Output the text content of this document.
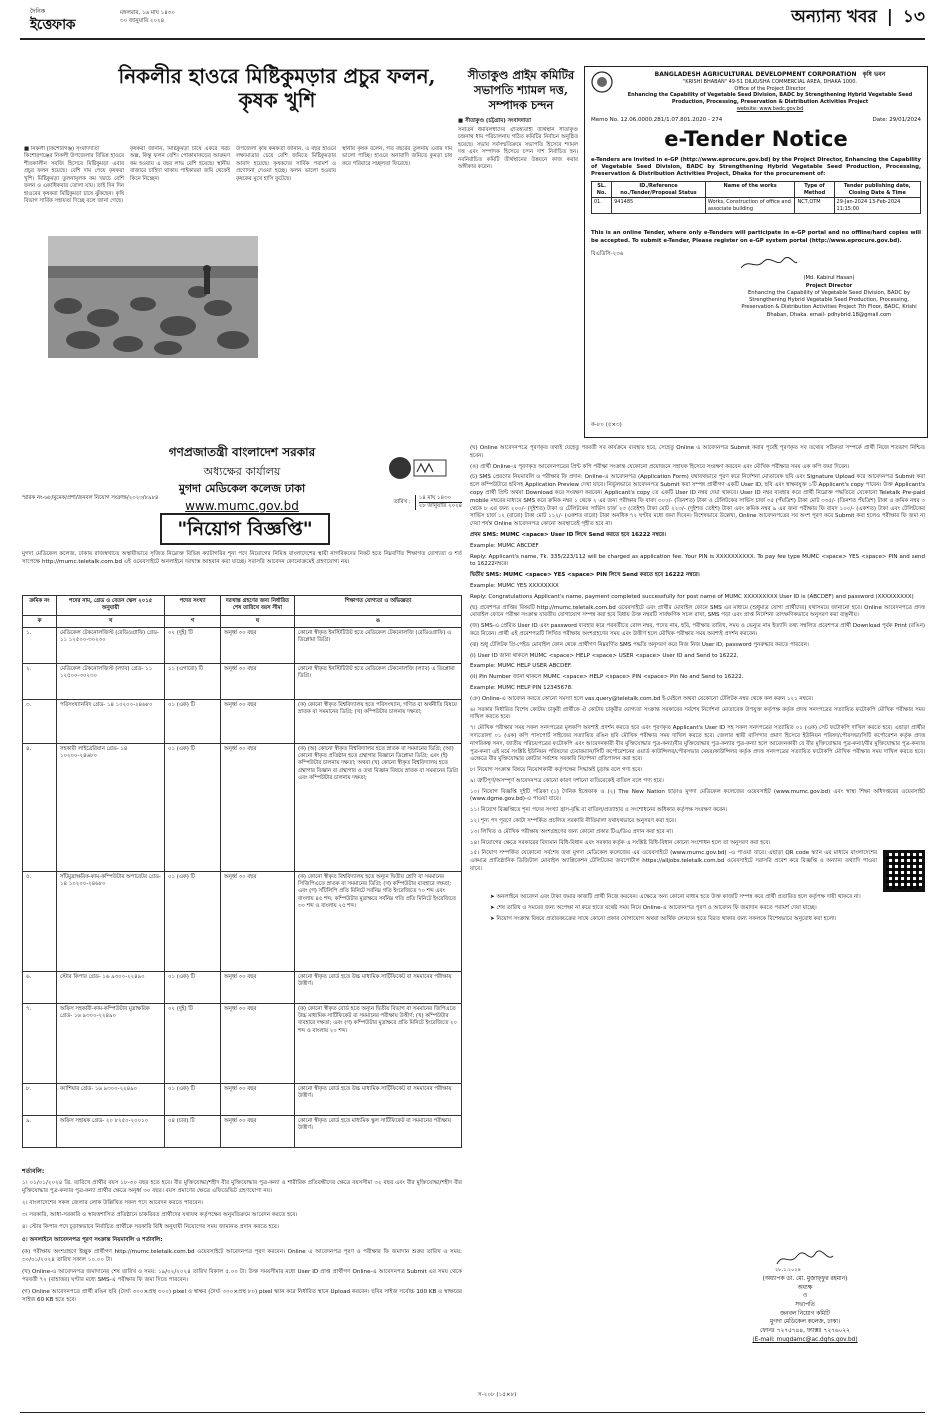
দৈনিক
ইত্তেফাক
মঙ্গলবার, ১৬ মাঘ ১৪৩০
৩০ জানুয়ারি ২০২৪	অন্যান্য খবর | ১৩
নিকলীর হাওরে মিষ্টিকুমড়ার প্রচুর ফলন, কৃষক খুশি
■ নিকলী (কিশোরগঞ্জ) সংবাদদাতা
কিশোরগঞ্জের নিকলী উপজেলার বিভিন্ন হাওরে শীতকালীন সবজি হিসেবে মিষ্টিকুমড়া এবার প্রচুর ফলন হয়েছে। বেশি দাম পেয়ে কৃষকরা খুশি। মিষ্টিকুমড়া তুলনামূলক কম খরচে বেশি ফলন ও একাধিকবার তোলা যায়। তাই দিন দিন হাওরের কৃষকরা মিষ্টিকুমড়া চাষে ঝুঁকছেন। কৃষি বিভাগ সার্বিক সহায়তা দিচ্ছে বলে জানা গেছে।
কৃষকরা জানান, মিষ্টিকুমড়া চাষে একরে খরচ অল্প, কিন্তু ফলন বেশি। পোকামাকড়ের আক্রমণ কম হওয়ায় এ বছর লাভ বেশি হয়েছে। স্থানীয় বাজারে চাহিদা থাকায় পাইকাররা জমি থেকেই কিনে নিচ্ছেন।
উপজেলা কৃষি কর্মকর্তা জানান, এ বছর হাওরে লক্ষ্যমাত্রার চেয়ে বেশি জমিতে মিষ্টিকুমড়ার আবাদ হয়েছে। কৃষকদের সার্বিক পরামর্শ ও প্রণোদনা দেওয়া হচ্ছে। ফলন ভালো হওয়ায় কৃষকের মুখে হাসি ফুটেছে।
স্থানীয় কৃষক বলেন, গত বছরের তুলনায় এবার দাম ভালো পাচ্ছি। হাওরে অনাবাদি জমিতে কুমড়া চাষ করে পরিবারে সচ্ছলতা ফিরেছে।
সীতাকুণ্ড প্রাইম কমিটির সভাপতি শ্যামল দত্ত, সম্পাদক চন্দন
■ সীতাকুণ্ড (চট্টগ্রাম) সংবাদদাতা
সনাতন ধর্মাবলম্বীদের ঐতিহ্যবাহী তীর্থস্থান সীতাকুণ্ড চন্দ্রনাথ ধাম পরিচালনায় গঠিত কমিটির নির্বাচন অনুষ্ঠিত হয়েছে। সভায় সর্বসম্মতিক্রমে সভাপতি হিসেবে শ্যামল দত্ত এবং সম্পাদক হিসেবে চন্দন দাশ নির্বাচিত হন। নবনির্বাচিত কমিটি তীর্থস্থানের উন্নয়নে কাজ করার অঙ্গীকার করেন।
BANGLADESH AGRICULTURAL DEVELOPMENT CORPORATION কৃষি ভবন
"KRISHI BHABAN" 49-51 DILKUSHA COMMERCIAL AREA, DHAKA 1000.
Office of the Project Director
Enhancing the Capability of Vegetable Seed Division, BADC by Strengthening Hybrid Vegetable Seed Production, Processing, Preservation & Distribution Activities Project
website: www.badc.gov.bd
Memo No. 12.06.0000.281/1.07.801.2020 - 274	Date: 29/01/2024
e-Tender Notice
e-Tenders are invited in e-GP (http://www.eprocure.gov.bd) by the Project Director, Enhancing the Capability of Vegetable Seed Division, BADC by Strengthening Hybrid Vegetable Seed Production, Processing, Preservation & Distribution Activities Project, Dhaka for the procurement of:
SL. No.	ID./Reference no./Tender/Proposal Status	Name of the works	Type of Method	Tender publishing date, Closing Date & Time
01.	941485	Works, Construction of office and associate building	NCT,OTM	29-Jan-2024 13-Feb-2024 11:15:00
This is an online Tender, where only e-Tenders will participate in e-GP portal and no offline/hard copies will be accepted. To submit e-Tender, Please register on e-GP system portal (http://www.eprocure.gov.bd).
বিএডিসি-২৩৬
(Md. Kabirul Hasan)
Project Director
Enhancing the Capability of Vegetable Seed Division, BADC by Strengthening Hybrid Vegetable Seed Production, Processing, Preservation & Distribution Activities Project 7th Floor, BADC, Krishi Bhaban, Dhaka. email- pdhybrid.18@gmail.com
ক-৮০ (৫×৩)
গণপ্রজাতন্ত্রী বাংলাদেশ সরকার
অধ্যক্ষের কার্যালয়
মুগদা মেডিকেল কলেজ ঢাকা
www.mumc.gov.bd
স্মারক নং-৬৮/মুমেক/প্রশা/জনবল নিয়োগ সংক্রান্ত/২০২৩/৮৯৮৪
তারিখ :
১৪ মাঘ ১৪৩০
২৮ জানুয়ারি ২০২৪
"নিয়োগ বিজ্ঞপ্তি"
মুগদা মেডিকেল কলেজ, ঢাকায় রাজস্বখাতে অস্থায়ীভাবে সৃজিত নিম্নোক্ত বিভিন্ন ক্যাটাগরির শূন্য পদে নিয়োগের নিমিত্ত বাংলাদেশের স্থায়ী নাগরিকদের নিকট হতে নিম্নবর্ণিত শিক্ষাগত যোগ্যতা ও শর্ত সাপেক্ষে http://mumc.teletalk.com.bd এই ওয়েবসাইটে অনলাইনে দরখাস্ত আহবান করা যাচ্ছে। সরাসরি আবেদন কোনোক্রমেই গ্রহণযোগ্য নয়।
ক্রমিক নং	পদের নাম, গ্রেড ও বেতন স্কেল ২০১৫ অনুযায়ী	পদের সংখ্যা	দরখাস্ত গ্রহণের জন্য নির্ধারিত শেষ তারিখে বয়স সীমা	শিক্ষাগত যোগ্যতা ও অভিজ্ঞতা
ক	খ	গ	ঘ	ঙ
১.	মেডিকেল টেকনোলজিস্ট (রেডিওগ্রাফি) গ্রেড- ১১ ১২৫০০-৩০২৩০	০২ (দুই) টি	অনূর্ধ্ব ৩০ বছর	কোনো স্বীকৃত ইনস্টিটিউট হতে মেডিকেল টেকনোলজি (রেডিওগ্রাফি) এ ডিপ্লোমা ডিগ্রি।
২.	মেডিকেল টেকনোলজিস্ট (ল্যাব) গ্রেড- ১১ ১২৫০০-৩০২৩০	১১ (এগারো) টি	অনূর্ধ্ব ৩০ বছর	কোনো স্বীকৃত ইনস্টিটিউট হতে মেডিকেল টেকনোলজি (ল্যাব) এ ডিপ্লোমা ডিগ্রি।
৩.	পরিসংখ্যানবিদ গ্রেড- ১৪ ১০২০০-২৪৬৮০	০১ (এক) টি	অনূর্ধ্ব ৩০ বছর	(ক) কোনো স্বীকৃত বিশ্ববিদ্যালয় হতে পরিসংখ্যান, গণিত বা অর্থনীতি বিষয়ে স্নাতক বা সমমানের ডিগ্রি; (খ) কম্পিউটার চালনায় দক্ষতা;
৪.	সহকারী লাইব্রেরিয়ান গ্রেড- ১৪ ১০২০০-২৪৬৮০	০১ (এক) টি	অনূর্ধ্ব ৩০ বছর	(ক) (অ) কোনো স্বীকৃত বিশ্ববিদ্যালয় হতে স্নাতক বা সমমানের ডিগ্রি; (আ) কোনো স্বীকৃত প্রতিষ্ঠান হতে গ্রন্থাগার বিজ্ঞানে ডিপ্লোমা ডিগ্রি; এবং (ই) কম্পিউটার চালনায় দক্ষতা; অথবা (খ) কোনো স্বীকৃত বিশ্ববিদ্যালয় হতে গ্রন্থাগার বিজ্ঞান বা গ্রন্থাগার ও তথ্য বিজ্ঞান বিষয়ে স্নাতক বা সমমানের ডিগ্রি এবং কম্পিউটার চালনায় দক্ষতা;
৫.	সাঁটমুদ্রাক্ষরিক-কাম-কম্পিউটার অপারেটর গ্রেড- ১৪ ১০২০০-২৪৬৮০	০১ (এক) টি	অনূর্ধ্ব ৩০ বছর	(ক) কোনো স্বীকৃত বিশ্ববিদ্যালয় হতে অন্যূন দ্বিতীয় শ্রেণি বা সমমানের সিজিপিএতে স্নাতক বা সমমানের ডিগ্রি; (খ) কম্পিউটার ব্যবহারে দক্ষতা; এবং (গ) সাঁটলিপি প্রতি মিনিটে সর্বনিম্ন গতি ইংরেজিতে ৭০ শব্দ এবং বাংলায় ৪৫ শব্দ; কম্পিউটার মুদ্রাক্ষরে সর্বনিম্ন গতি প্রতি মিনিটে ইংরেজিতে ৩০ শব্দ ও বাংলায় ২৫ শব্দ।
৬.	স্টোর কিপার গ্রেড- ১৬ ৯৩০০-২২৪৯০	০১ (এক) টি	অনূর্ধ্ব ৩০ বছর	কোনো স্বীকৃত বোর্ড হতে উচ্চ মাধ্যমিক সার্টিফিকেট বা সমমানের পরীক্ষায় উত্তীর্ণ।
৭.	অফিস সহকারী-কাম-কম্পিউটার মুদ্রাক্ষরিক গ্রেড- ১৬ ৯৩০০-২২৪৯০	০২ (দুই) টি	অনূর্ধ্ব ৩০ বছর	(ক) কোনো স্বীকৃত বোর্ড হতে অন্যূন দ্বিতীয় বিভাগ বা সমমানের জিপিএতে উচ্চ মাধ্যমিক সার্টিফিকেট বা সমমানের পরীক্ষায় উত্তীর্ণ; (খ) কম্পিউটার ব্যবহারে দক্ষতা; এবং (গ) কম্পিউটার মুদ্রাক্ষরে প্রতি মিনিটে ইংরেজিতে ২০ শব্দ ও বাংলায় ২০ শব্দ।
৮.	ক্যাশিয়ার গ্রেড- ১৬ ৯৩০০-২২৪৯০	০১ (এক) টি	অনূর্ধ্ব ৩০ বছর	কোনো স্বীকৃত বোর্ড হতে উচ্চ মাধ্যমিক সার্টিফিকেট বা সমমানের পরীক্ষায় উত্তীর্ণ।
৯.	অফিস সহায়ক গ্রেড- ২০ ৮২৫০-২০০১০	০৪ (চার) টি	অনূর্ধ্ব ৩০ বছর	কোনো স্বীকৃত বোর্ড হতে মাধ্যমিক স্কুল সার্টিফিকেট বা সমমানের পরীক্ষায় উত্তীর্ণ।
শর্তাবলি:
১। ০১/০১/২০২৪ খ্রি. তারিখে প্রার্থীর বয়স ১৮-৩০ বছর হতে হবে। বীর মুক্তিযোদ্ধা/শহীদ বীর মুক্তিযোদ্ধার পুত্র-কন্যা ও শারীরিক প্রতিবন্ধীদের ক্ষেত্রে বয়সসীমা ৩২ বছর এবং বীর মুক্তিযোদ্ধা/শহীদ বীর মুক্তিযোদ্ধার পুত্র-কন্যার পুত্র-কন্যা প্রার্থীর ক্ষেত্রে অনূর্ধ্ব ৩০ বছর। বয়স প্রমাণের ক্ষেত্রে এফিডেভিট গ্রহণযোগ্য নয়।
২। বাংলাদেশের সকল জেলার লোক উল্লিখিত সকল পদে আবেদন করতে পারবেন।
৩। সরকারি, আধা-সরকারি ও স্বায়ত্তশাসিত প্রতিষ্ঠানে চাকরিরত প্রার্থীদের যথাযথ কর্তৃপক্ষের অনুমতিক্রমে আবেদন করতে হবে।
৪। স্টোর কিপার পদে চূড়ান্তভাবে নির্বাচিত প্রার্থীকে সরকারি বিধি অনুযায়ী নিয়োগের সময় জামানত প্রদান করতে হবে।
৫। অনলাইনে আবেদনপত্র পূরণ সংক্রান্ত নিয়মাবলি ও শর্তাবলি:
(ক) পরীক্ষায় অংশগ্রহণে ইচ্ছুক প্রার্থীগণ http://mumc.teletalk.com.bd ওয়েবসাইটে আবেদনপত্র পূরণ করবেন। Online এ আবেদনপত্র পূরণ ও পরীক্ষার ফি জমাদান শুরুর তারিখ ও সময়: ৩০/০১/২০২৪ তারিখ সকাল ১০.০০ টা।
(খ) Online-এ আবেদনপত্র জমাদানের শেষ তারিখ ও সময়: ১৯/০২/২০২৪ তারিখ বিকাল ৫.০০ টা। উক্ত সময়সীমার মধ্যে User ID প্রাপ্ত প্রার্থীগণ Online-এ আবেদনপত্র Submit এর সময় থেকে পরবর্তী ৭২ (বাহাত্তর) ঘণ্টার মধ্যে SMS-এ পরীক্ষার ফি জমা দিতে পারবেন।
(গ) Online আবেদনপত্রে প্রার্থী রঙিন ছবি (দৈর্ঘ্য ৩০০×প্রস্থ ৩০০) pixel ও স্বাক্ষর (দৈর্ঘ্য ৩০০×প্রস্থ ৮০) pixel স্ক্যান করে নির্ধারিত স্থানে Upload করবেন। ছবির সাইজ সর্বোচ্চ 100 KB ও স্বাক্ষরের সাইজ 60 KB হতে হবে।

(ঘ) Online আবেদনপত্রে পূরণকৃত তথ্যই যেহেতু পরবর্তী সব কার্যক্রমে ব্যবহৃত হবে, সেহেতু Online এ আবেদনপত্র Submit করার পূর্বেই পূরণকৃত সব তথ্যের সঠিকতা সম্পর্কে প্রার্থী নিজে শতভাগ নিশ্চিত হবেন।

(ঙ) প্রার্থী Online-এ পূরণকৃত আবেদনপত্রের প্রিন্ট কপি পরীক্ষা সংক্রান্ত যেকোনো প্রয়োজনে সহায়ক হিসেবে সংরক্ষণ করবেন এবং মৌখিক পরীক্ষার সময় এক কপি জমা দিবেন।

(চ) SMS প্রেরণের নিয়মাবলি ও পরীক্ষার ফি প্রদান: Online-এ আবেদনপত্র (Application Form) যথাযথভাবে পূরণ করে নির্দেশনা মোতাবেক ছবি এবং Signature Upload করে আবেদনপত্র Submit করা হলে কম্পিউটারে ছবিসহ Application Preview দেখা যাবে। নির্ভুলভাবে আবেদনপত্র Submit করা সম্পন্ন প্রার্থীগণ একটি User ID, ছবি এবং স্বাক্ষরযুক্ত ১টি Applicant's copy পাবেন। উক্ত Applicant's copy প্রার্থী প্রিন্ট অথবা Download করে সংরক্ষণ করবেন। Applicant's copy তে একটি User ID নম্বর দেয়া থাকবে। User ID নম্বর ব্যবহার করে প্রার্থী নিম্নোক্ত পদ্ধতিতে যেকোনো Teletalk Pre-paid mobile নম্বরের মাধ্যমে SMS করে ক্রমিক নম্বর ১ থেকে ২ এর জন্য পরীক্ষার ফি বাবদ ৩০০/- (তিনশত) টাকা ও টেলিটকের সার্ভিস চার্জ ৩৫ (পঁয়ত্রিশ) টাকা মোট ৩৩৫/- (তিনশত পঁয়ত্রিশ) টাকা ও ক্রমিক নম্বর ৩ থেকে ৮ এর জন্য ২০০/- (দুইশত) টাকা ও টেলিটকের সার্ভিস চার্জ ২৩ (তেইশ) টাকা মোট ২২৩/- (দুইশত তেইশ) টাকা এবং ক্রমিক নম্বর ৯ এর জন্য পরীক্ষার ফি বাবদ ১০০/- (একশত) টাকা এবং টেলিটকের সার্ভিস চার্জ ১২ (বারো) টাকা মোট ১১২/- (একশত বারো) টাকা অনধিক ৭২ ঘণ্টার মধ্যে জমা দিবেন। বিশেষভাবে উল্লেখ্য, Online আবেদনপত্রের সব অংশ পূরণ করে Submit করা হলেও পরীক্ষার ফি জমা না দেয়া পর্যন্ত Online আবেদনপত্র কোনো অবস্থাতেই গৃহীত হবে না।

প্রথম SMS: MUMC <space> User ID লিখে Send করতে হবে 16222 নম্বরে।

Example: MUMC ABCDEF

Reply: Applicant's name, Tk. 335/223/112 will be charged as application fee. Your PIN is XXXXXXXXXX. To pay fee type MUMC <space> YES <space> PIN and send to 16222নম্বরে।

দ্বিতীয় SMS: MUMC <space> YES <space> PIN লিখে Send করতে হবে 16222 নম্বরে।

Example: MUMC YES XXXXXXXX

Reply: Congratulations Applicant's name, payment completed successfully for post name of MUMC XXXXXXXXX User ID is (ABCDEF) and password (XXXXXXXXX)

(ছ) প্রবেশপত্র প্রাপ্তির বিষয়টি http://mumc.teletalk.com.bd ওয়েবসাইটে এবং প্রার্থীর মোবাইল ফোনে SMS এর মাধ্যমে (শুধুমাত্র যোগ্য প্রার্থীদের) যথাসময়ে জানানো হবে। Online আবেদনপত্রে প্রদত্ত মোবাইল ফোনে পরীক্ষা সংক্রান্ত যাবতীয় যোগাযোগ সম্পন্ন করা হবে বিধায় উক্ত নম্বরটি সার্বক্ষণিক সচল রাখা, SMS পড়া এবং প্রাপ্ত নির্দেশনা তাৎক্ষণিকভাবে অনুসরণ করা বাঞ্ছনীয়।

(জ) SMS-এ প্রেরিত User ID এবং password ব্যবহার করে পরবর্তীতে রোল নম্বর, পদের নাম, ছবি, পরীক্ষার তারিখ, সময় ও ভেন্যুর নাম ইত্যাদি তথ্য সম্বলিত প্রবেশপত্র প্রার্থী Download পূর্বক Print (রঙিন) করে নিবেন। প্রার্থী এই প্রবেশপত্রটি লিখিত পরীক্ষায় অংশগ্রহণের সময় এবং উত্তীর্ণ হলে মৌখিক পরীক্ষার সময় অবশ্যই প্রদর্শন করবেন।

(ঝ) শুধু টেলিটক প্রি-পেইড মোবাইল ফোন থেকে প্রার্থীগণ নিম্নবর্ণিত SMS পদ্ধতি অনুসরণ করে নিজ নিজ User ID, password পুনরুদ্ধার করতে পারবেন।

(i) User ID জানা থাকলে MUMC <space> HELP <space> USER <space> User ID and Send to 16222.

Example: MUMC HELP USER ABCDEF.

(ii) Pin Number জানা থাকলে MUMC <space> HELP <space> PIN <space> Pin No and Send to 16222.

Example: MUMC HELP PIN 12345678.

(ঞ) Online-এ আবেদন করতে কোনো সমস্যা হলে vas.query@teletalk.com.bd ই-মেইলে অথবা যেকোনো টেলিটক নম্বর থেকে কল করুন ১২১ নম্বরে।

৬। সরকার নির্ধারিত বিশেষ কোটায় চাকুরী প্রার্থীকে ঐ কোটায় চাকুরীর যোগ্যতা সংক্রান্ত সরকারের সর্বশেষ নির্দেশনা মোতাবেক উপযুক্ত কর্তৃপক্ষ কর্তৃক প্রদত্ত সনদপত্রের সত্যায়িত ফটোকপি মৌখিক পরীক্ষার সময় দাখিল করতে হবে।

৭। মৌখিক পরীক্ষার সময় সকল সনদপত্রের মূলকপি অবশ্যই প্রদর্শন করতে হবে এবং পূরণকৃত Applicant's User ID সহ সকল সনদপত্রের সত্যায়িত ০১ (এক) সেট ফটোকপি দাখিল করতে হবে। এছাড়া প্রার্থীর সদ্যতোলা ০১ (এক) কপি পাসপোর্ট সাইজের সত্যায়িত রঙিন ছবি মৌখিক পরীক্ষার সময় দাখিল করতে হবে। জেলার স্থায়ী বাসিন্দার প্রমাণ হিসেবে ইউনিয়ন পরিষদ/পৌরসভা/সিটি কর্পোরেশন কর্তৃক প্রদত্ত নাগরিকত্ব সনদ, জাতীয় পরিচয়পত্রের ফটোকপি এবং আবেদনকারী বীর মুক্তিযোদ্ধার পুত্র-কন্যা/বীর মুক্তিযোদ্ধার পুত্র-কন্যার পুত্র-কন্যা হলে আবেদনকারী যে বীর মুক্তিযোদ্ধার পুত্র-কন্যা/বীর মুক্তিযোদ্ধার পুত্র-কন্যার পুত্র-কন্যা এই মর্মে সংশ্লিষ্ট ইউনিয়ন পরিষদের চেয়ারম্যান/সিটি কর্পোরেশনের ওয়ার্ড কাউন্সিলর/পৌরসভার মেয়র/কাউন্সিলর কর্তৃক প্রদত্ত সনদপত্রের সত্যায়িত ফটোকপি মৌখিক পরীক্ষার সময় দাখিল করতে হবে। এক্ষেত্রে বীর মুক্তিযোদ্ধার কোটার সর্বশেষ সরকারি নির্দেশনা প্রতিপালন করা হবে।

৮। নিয়োগ সংক্রান্ত বিষয়ে নিয়োগকারী কর্তৃপক্ষের সিদ্ধান্তই চূড়ান্ত বলে গণ্য হবে।

৯। ত্রুটিপূর্ণ/অসম্পূর্ণ আবেদনপত্র কোনো কারণ দর্শানো ব্যতিরেকেই বাতিল বলে গণ্য হবে।

১০। নিয়োগ বিজ্ঞপ্তি দুইটি পত্রিকা (১) দৈনিক ইত্তেফাক ও (২) The New Nation ছাড়াও মুগদা মেডিকেল কলেজের ওয়েবসাইট (www.mumc.gov.bd) এবং স্বাস্থ্য শিক্ষা অধিদপ্তরের ওয়েবসাইট (www.dgme.gov.bd)-এ পাওয়া যাবে।

১১। নিয়োগ বিজ্ঞপ্তিতে শূন্য পদের সংখ্যা হ্রাস-বৃদ্ধি বা বাতিল/প্রত্যাহার ও সংশোধনের অধিকার কর্তৃপক্ষ সংরক্ষণ করেন।

১২। শূন্য পদ পূরণে কোটা সম্পর্কিত প্রচলিত সরকারি নীতিমালা যথাযথভাবে অনুসরণ করা হবে।

১৩। লিখিত ও মৌখিক পরীক্ষায় অংশগ্রহণের জন্য কোনো প্রকার টিএ/ডিএ প্রদান করা হবে না।

১৪। নিয়োগের ক্ষেত্রে সরকারের বিদ্যমান বিধি-বিধান এবং সরকার কর্তৃক এ সংশ্লিষ্ট বিধি-বিধান কোনো সংশোধন হলে তা অনুসরণ করা হবে।

১৫। নিয়োগ সম্পর্কিত যেকোনো সর্বশেষ তথ্য মুগদা মেডিকেল কলেজের এর ওয়েবসাইটে (www.mumc.gov.bd) -এ পাওয়া যাবে। এছাড়া QR code স্ক্যান এর মাধ্যমে বাংলাদেশের একমাত্র প্রাতিষ্ঠানিক ডিজিটাল মোবাইল অ্যাপ্লিকেশন টেলিটকের জবপোর্টাল https://alljobs.teletalk.com.bd ওয়েবসাইটে সরাসরি প্রবেশ করে বিজ্ঞপ্তি ও অন্যান্য তথ্যাদি পাওয়া যাবে।

➤ অনলাইনে আবেদন এবং টাকা জমার কাজটি প্রার্থী নিজে করবেন। এক্ষেত্রে অন্য কোনো মাধ্যম হতে উক্ত কাজটি সম্পন্ন করে প্রার্থী প্রতারিত হলে কর্তৃপক্ষ দায়ী থাকবে না।
➤ শেষ তারিখ ও সময়ের জন্য অপেক্ষা না করে হাতে যথেষ্ট সময় নিয়ে Online-এ আবেদনপত্র পূরণ ও আবেদন ফি জমাদান করতে পরামর্শ দেয়া যাচ্ছে।
➤ নিয়োগ সংক্রান্ত বিষয়ে প্রতারকচক্রের সাথে কোনো প্রকার যোগাযোগ অথবা আর্থিক লেনদেন হতে বিরত থাকার জন্য সকলকে বিশেষভাবে অনুরোধ করা হলো।
২৮.১.২০২৪
(অধ্যাপক ডা. মো. মুজাফ্ফুর রহমান)
অধ্যক্ষ
ও
সভাপতি
জনবল নিয়োগ কমিটি
মুগদা মেডিকেল কলেজ, ঢাকা।
ফোনঃ ৭২৭৫৭৪৪, ফ্যাক্সঃ ৭২৭৬০২২
(E-mail: mugdamc@ac.dghs.gov.bd)
স-২০৮ (১৫×৮)
